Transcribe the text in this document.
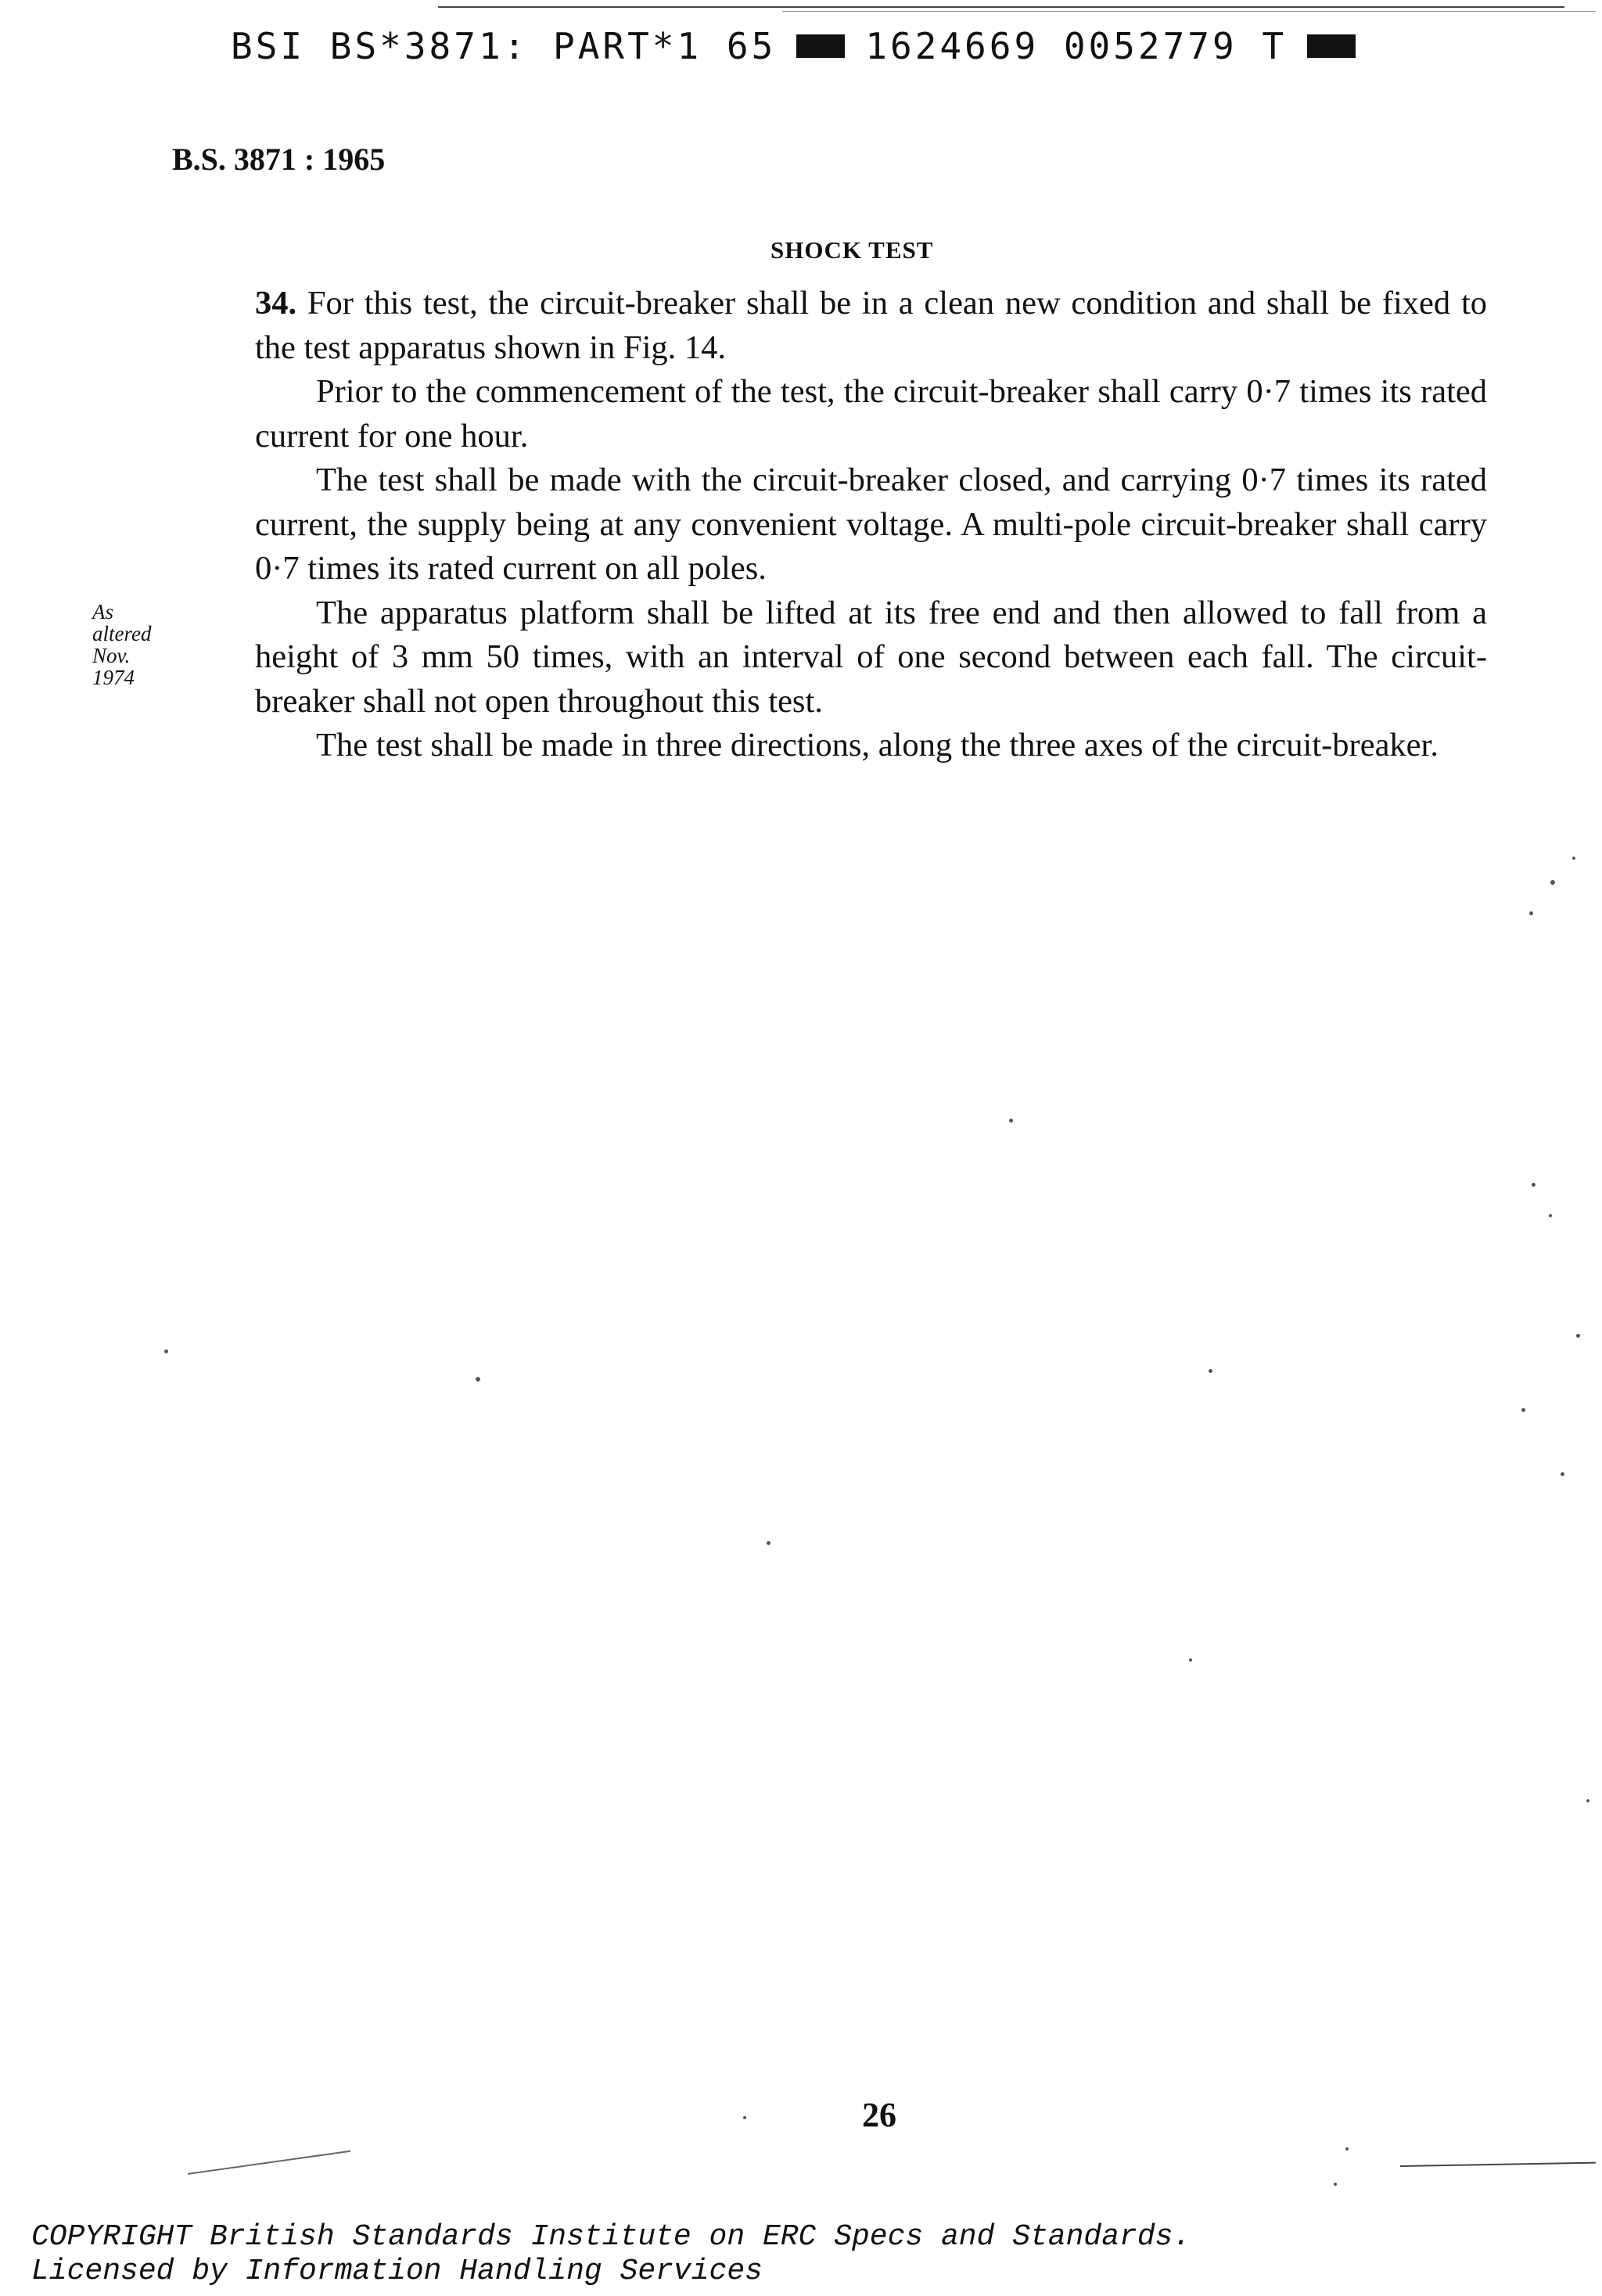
BSI BS*3871: PART*1 65 1624669 0052779 T
B.S. 3871 : 1965
SHOCK TEST

34. For this test, the circuit-breaker shall be in a clean new condition and shall be fixed to the test apparatus shown in Fig. 14.

Prior to the commencement of the test, the circuit-breaker shall carry 0·7 times its rated current for one hour.

The test shall be made with the circuit-breaker closed, and carrying 0·7 times its rated current, the supply being at any convenient voltage. A multi-pole circuit-breaker shall carry 0·7 times its rated current on all poles.

The apparatus platform shall be lifted at its free end and then allowed to fall from a height of 3 mm 50 times, with an interval of one second between each fall. The circuit-breaker shall not open throughout this test.

The test shall be made in three directions, along the three axes of the circuit-breaker.

As
altered
Nov.
1974
26
COPYRIGHT British Standards Institute on ERC Specs and Standards.
Licensed by Information Handling Services
